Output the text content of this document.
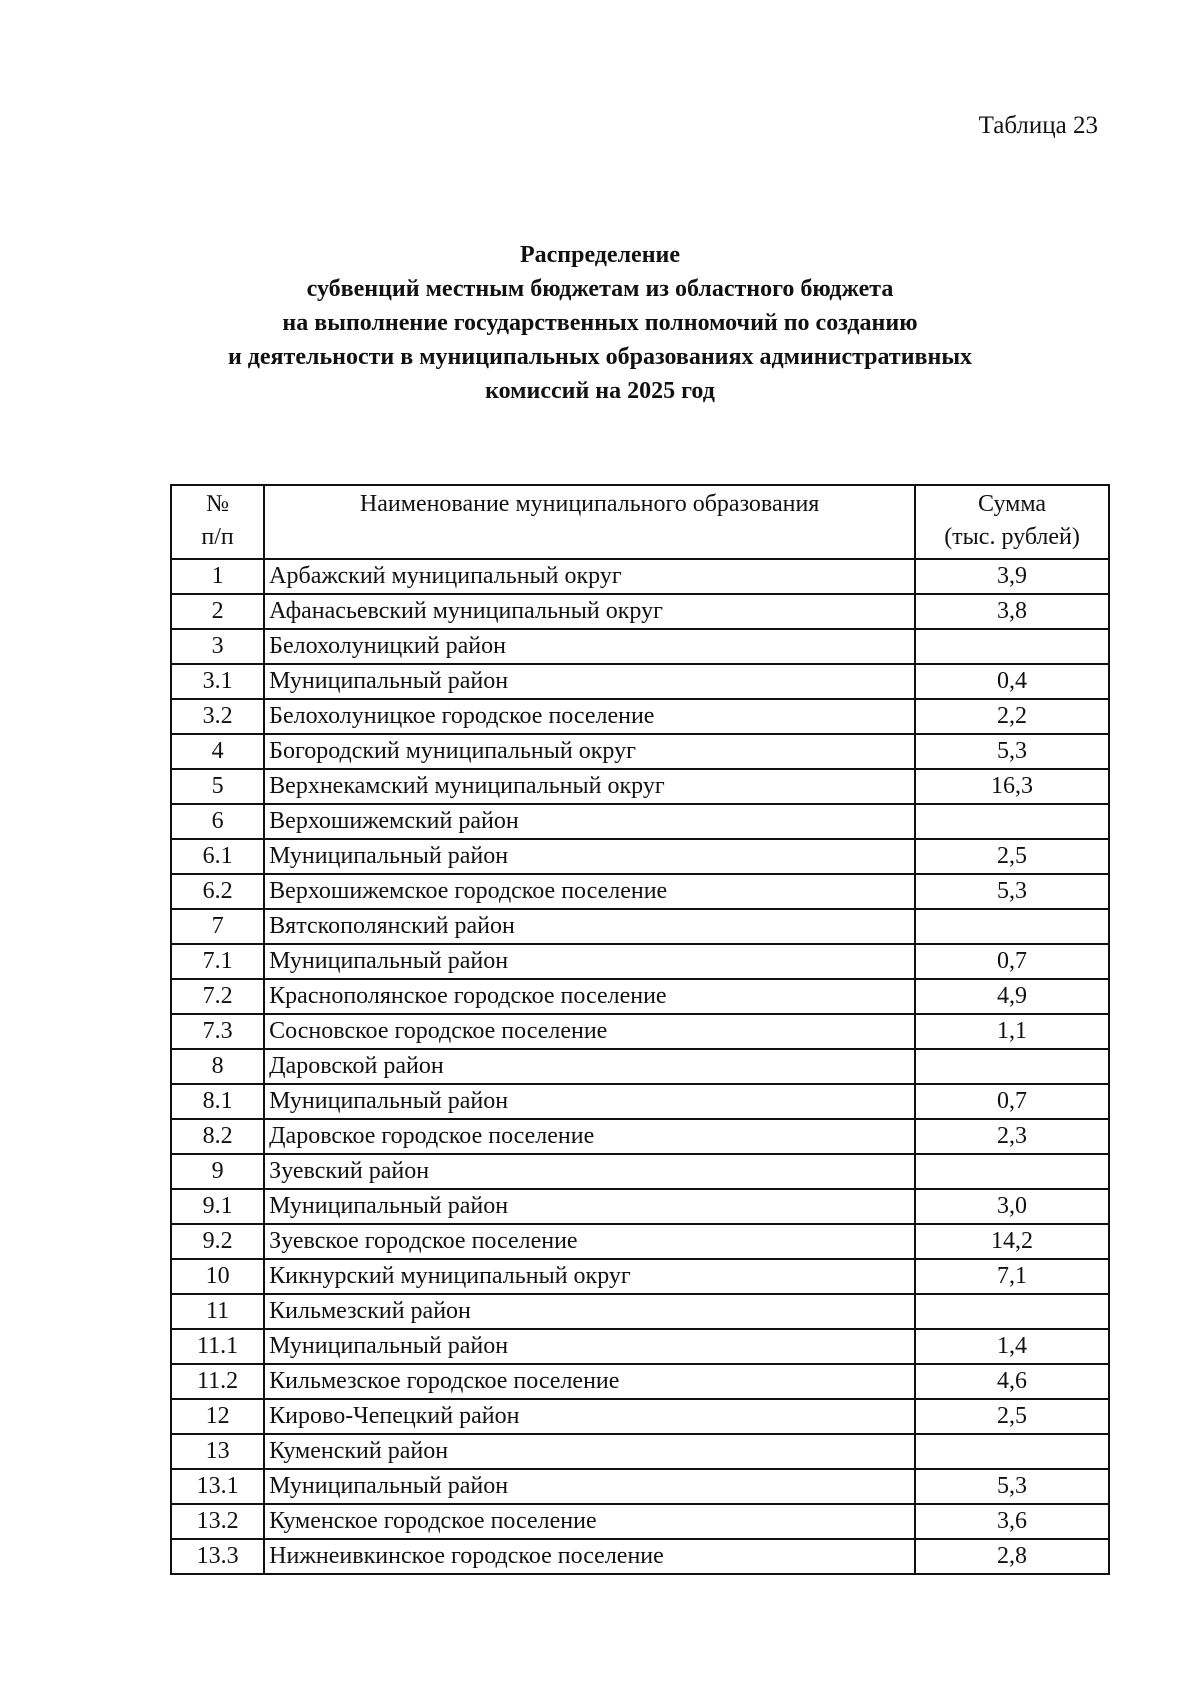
Таблица 23
Распределение
субвенций местным бюджетам из областного бюджета
на выполнение государственных полномочий по созданию
и деятельности в муниципальных образованиях административных
комиссий на 2025 год
№
п/п	Наименование муниципального образования	Сумма
(тыс. рублей)
1	Арбажский муниципальный округ	3,9
2	Афанасьевский муниципальный округ	3,8
3	Белохолуницкий район	
3.1	Муниципальный район	0,4
3.2	Белохолуницкое городское поселение	2,2
4	Богородский муниципальный округ	5,3
5	Верхнекамский муниципальный округ	16,3
6	Верхошижемский район	
6.1	Муниципальный район	2,5
6.2	Верхошижемское городское поселение	5,3
7	Вятскополянский район	
7.1	Муниципальный район	0,7
7.2	Краснополянское городское поселение	4,9
7.3	Сосновское городское поселение	1,1
8	Даровской район	
8.1	Муниципальный район	0,7
8.2	Даровское городское поселение	2,3
9	Зуевский район	
9.1	Муниципальный район	3,0
9.2	Зуевское городское поселение	14,2
10	Кикнурский муниципальный округ	7,1
11	Кильмезский район	
11.1	Муниципальный район	1,4
11.2	Кильмезское городское поселение	4,6
12	Кирово-Чепецкий район	2,5
13	Куменский район	
13.1	Муниципальный район	5,3
13.2	Куменское городское поселение	3,6
13.3	Нижнеивкинское городское поселение	2,8
